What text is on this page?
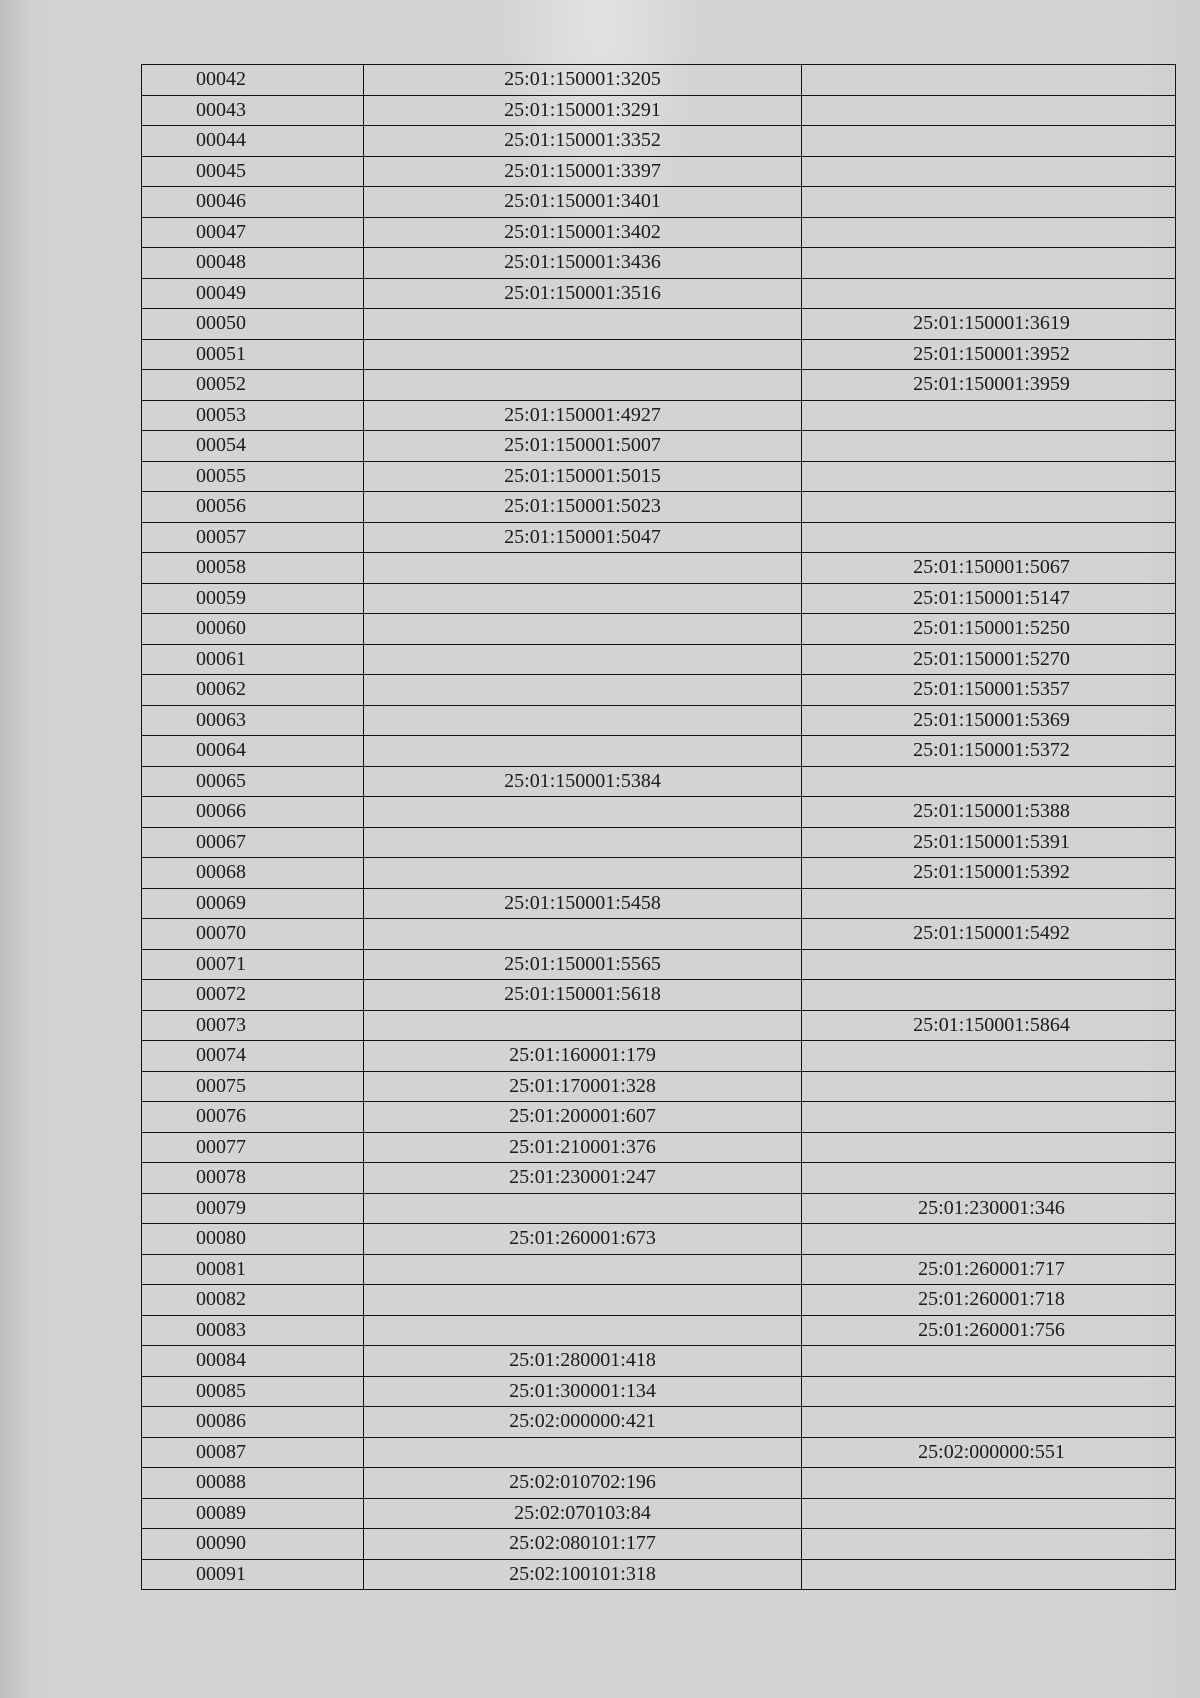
00042	25:01:150001:3205	
00043	25:01:150001:3291	
00044	25:01:150001:3352	
00045	25:01:150001:3397	
00046	25:01:150001:3401	
00047	25:01:150001:3402	
00048	25:01:150001:3436	
00049	25:01:150001:3516	
00050		25:01:150001:3619
00051		25:01:150001:3952
00052		25:01:150001:3959
00053	25:01:150001:4927	
00054	25:01:150001:5007	
00055	25:01:150001:5015	
00056	25:01:150001:5023	
00057	25:01:150001:5047	
00058		25:01:150001:5067
00059		25:01:150001:5147
00060		25:01:150001:5250
00061		25:01:150001:5270
00062		25:01:150001:5357
00063		25:01:150001:5369
00064		25:01:150001:5372
00065	25:01:150001:5384	
00066		25:01:150001:5388
00067		25:01:150001:5391
00068		25:01:150001:5392
00069	25:01:150001:5458	
00070		25:01:150001:5492
00071	25:01:150001:5565	
00072	25:01:150001:5618	
00073		25:01:150001:5864
00074	25:01:160001:179	
00075	25:01:170001:328	
00076	25:01:200001:607	
00077	25:01:210001:376	
00078	25:01:230001:247	
00079		25:01:230001:346
00080	25:01:260001:673	
00081		25:01:260001:717
00082		25:01:260001:718
00083		25:01:260001:756
00084	25:01:280001:418	
00085	25:01:300001:134	
00086	25:02:000000:421	
00087		25:02:000000:551
00088	25:02:010702:196	
00089	25:02:070103:84	
00090	25:02:080101:177	
00091	25:02:100101:318	
